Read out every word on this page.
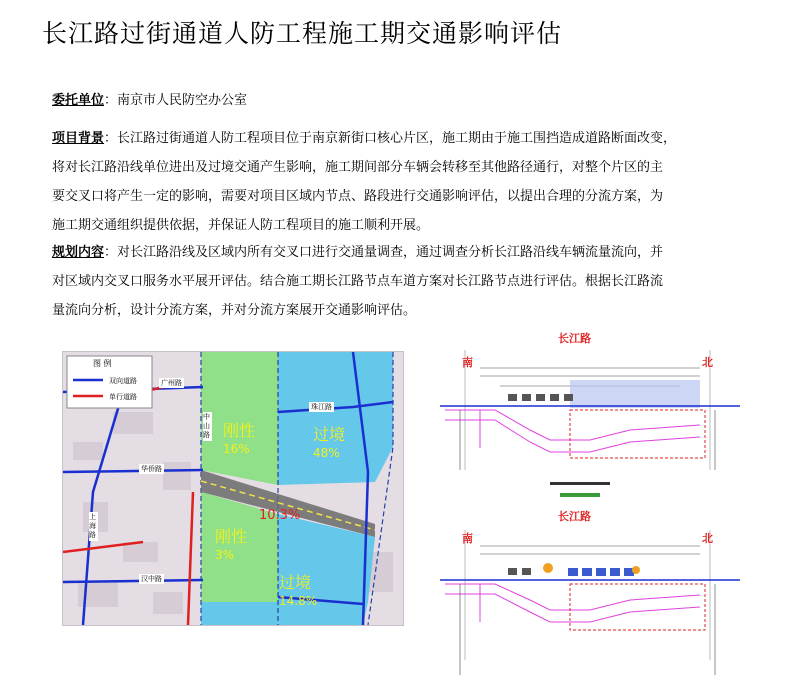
长江路过街通道人防工程施工期交通影响评估
委托单位：南京市人民防空办公室
项目背景：长江路过街通道人防工程项目位于南京新街口核心片区，施工期由于施工围挡造成道路断面改变，
将对长江路沿线单位进出及过境交通产生影响，施工期间部分车辆会转移至其他路径通行，对整个片区的主
要交叉口将产生一定的影响，需要对项目区域内节点、路段进行交通影响评估，以提出合理的分流方案，为
施工期交通组织提供依据，并保证人防工程项目的施工顺利开展。
规划内容：对长江路沿线及区域内所有交叉口进行交通量调查，通过调查分析长江路沿线车辆流量流向，并
对区域内交叉口服务水平展开评估。结合施工期长江路节点车道方案对长江路节点进行评估。根据长江路流
量流向分析，设计分流方案，并对分流方案展开交通影响评估。
图 例
双向道路
单行道路
广州路
华侨路
汉中路
上海路
中山路
珠江路
刚性
16%
过境
48%
刚性
3%
过境
14.8%
10.3%
长江路
南	北
长江路
南	北
